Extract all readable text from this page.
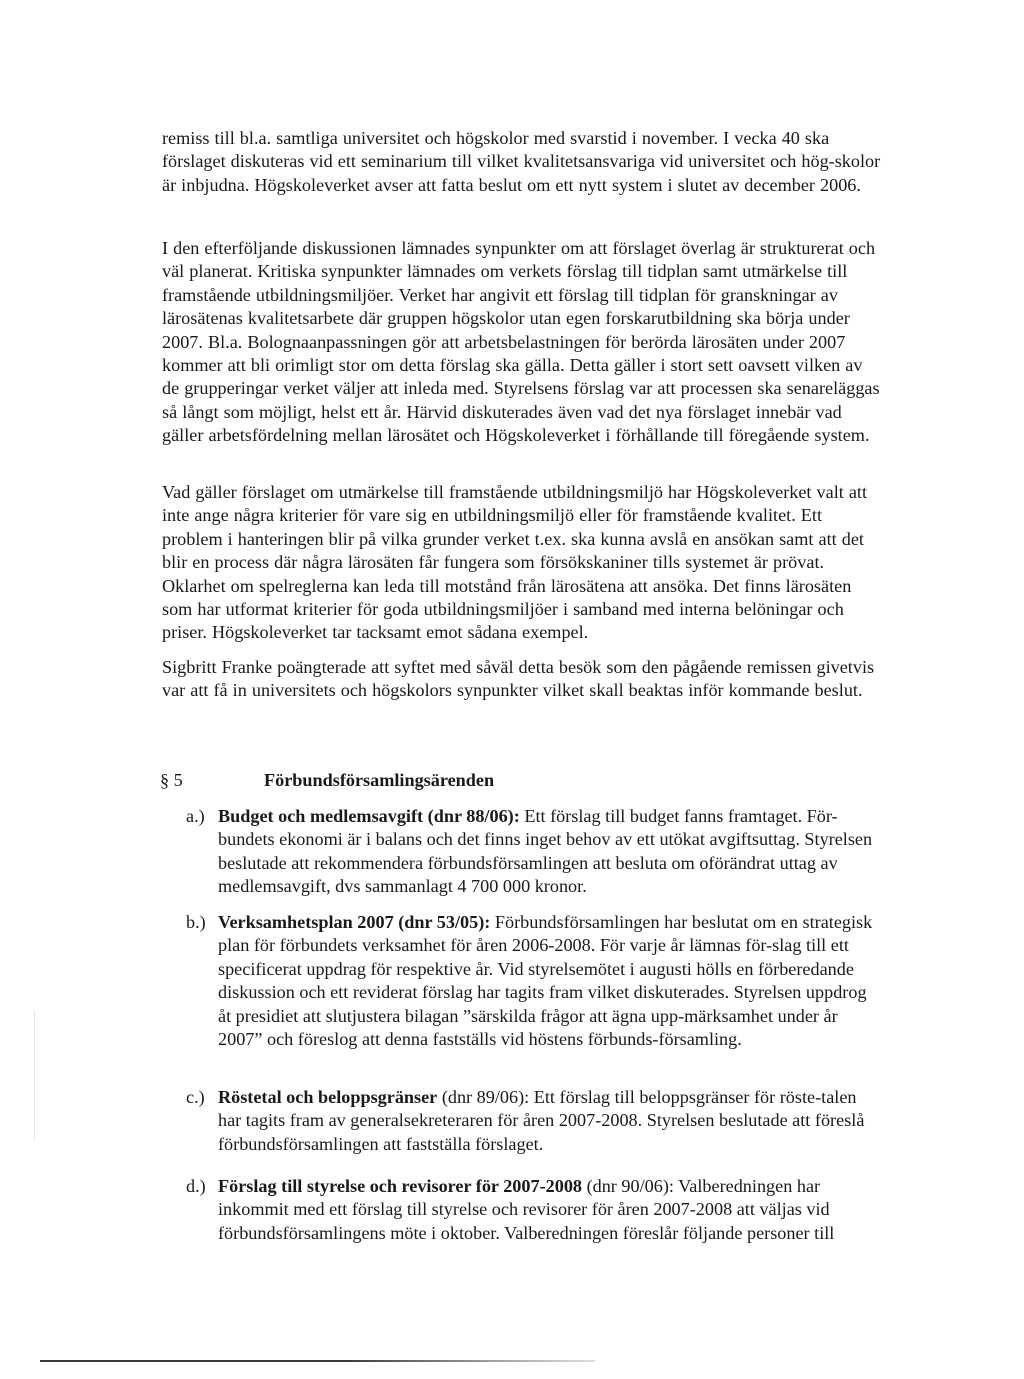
remiss till bl.a. samtliga universitet och högskolor med svarstid i november. I vecka 40 ska förslaget diskuteras vid ett seminarium till vilket kvalitetsansvariga vid universitet och hög-skolor är inbjudna. Högskoleverket avser att fatta beslut om ett nytt system i slutet av december 2006.

I den efterföljande diskussionen lämnades synpunkter om att förslaget överlag är strukturerat och väl planerat. Kritiska synpunkter lämnades om verkets förslag till tidplan samt utmärkelse till framstående utbildningsmiljöer. Verket har angivit ett förslag till tidplan för granskningar av lärosätenas kvalitetsarbete där gruppen högskolor utan egen forskarutbildning ska börja under 2007. Bl.a. Bolognaanpassningen gör att arbetsbelastningen för berörda lärosäten under 2007 kommer att bli orimligt stor om detta förslag ska gälla. Detta gäller i stort sett oavsett vilken av de grupperingar verket väljer att inleda med. Styrelsens förslag var att processen ska senareläggas så långt som möjligt, helst ett år. Härvid diskuterades även vad det nya förslaget innebär vad gäller arbetsfördelning mellan lärosätet och Högskoleverket i förhållande till föregående system.

Vad gäller förslaget om utmärkelse till framstående utbildningsmiljö har Högskoleverket valt att inte ange några kriterier för vare sig en utbildningsmiljö eller för framstående kvalitet. Ett problem i hanteringen blir på vilka grunder verket t.ex. ska kunna avslå en ansökan samt att det blir en process där några lärosäten får fungera som försökskaniner tills systemet är prövat. Oklarhet om spelreglerna kan leda till motstånd från lärosätena att ansöka. Det finns lärosäten som har utformat kriterier för goda utbildningsmiljöer i samband med interna belöningar och priser. Högskoleverket tar tacksamt emot sådana exempel.

Sigbritt Franke poängterade att syftet med såväl detta besök som den pågående remissen givetvis var att få in universitets och högskolors synpunkter vilket skall beaktas inför kommande beslut.

§ 5	Förbundsförsamlingsärenden
a.) Budget och medlemsavgift (dnr 88/06): Ett förslag till budget fanns framtaget. För-bundets ekonomi är i balans och det finns inget behov av ett utökat avgiftsuttag. Styrelsen beslutade att rekommendera förbundsförsamlingen att besluta om oförändrat uttag av medlemsavgift, dvs sammanlagt 4 700 000 kronor.

b.) Verksamhetsplan 2007 (dnr 53/05): Förbundsförsamlingen har beslutat om en strategisk plan för förbundets verksamhet för åren 2006-2008. För varje år lämnas för-slag till ett specificerat uppdrag för respektive år. Vid styrelsemötet i augusti hölls en förberedande diskussion och ett reviderat förslag har tagits fram vilket diskuterades. Styrelsen uppdrog åt presidiet att slutjustera bilagan ”särskilda frågor att ägna upp-märksamhet under år 2007” och föreslog att denna fastställs vid höstens förbunds-församling.

c.) Röstetal och beloppsgränser (dnr 89/06): Ett förslag till beloppsgränser för röste-talen har tagits fram av generalsekreteraren för åren 2007-2008. Styrelsen beslutade att föreslå förbundsförsamlingen att fastställa förslaget.

d.) Förslag till styrelse och revisorer för 2007-2008 (dnr 90/06): Valberedningen har inkommit med ett förslag till styrelse och revisorer för åren 2007-2008 att väljas vid förbundsförsamlingens möte i oktober. Valberedningen föreslår följande personer till
